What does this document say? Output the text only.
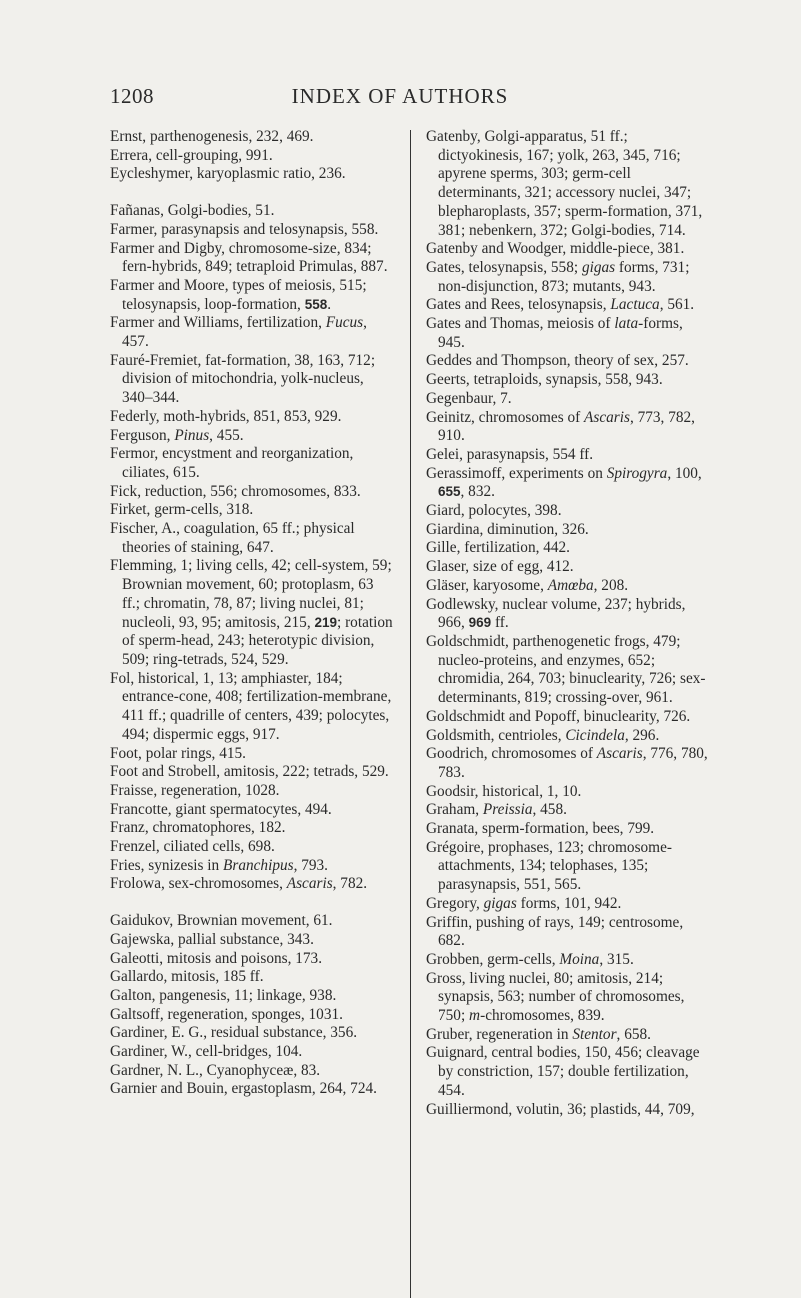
1208	INDEX OF AUTHORS
Ernst, parthenogenesis, 232, 469.
Errera, cell-grouping, 991.
Eycleshymer, karyoplasmic ratio, 236.
Fañanas, Golgi-bodies, 51.
Farmer, parasynapsis and telosynapsis, 558.
Farmer and Digby, chromosome-size, 834; fern-hybrids, 849; tetraploid Primulas, 887.
Farmer and Moore, types of meiosis, 515; telosynapsis, loop-formation, 558.
Farmer and Williams, fertilization, Fucus, 457.
Fauré-Fremiet, fat-formation, 38, 163, 712; division of mitochondria, yolk-nucleus, 340–344.
Federly, moth-hybrids, 851, 853, 929.
Ferguson, Pinus, 455.
Fermor, encystment and reorganization, ciliates, 615.
Fick, reduction, 556; chromosomes, 833.
Firket, germ-cells, 318.
Fischer, A., coagulation, 65 ff.; physical theories of staining, 647.
Flemming, 1; living cells, 42; cell-system, 59; Brownian movement, 60; protoplasm, 63 ff.; chromatin, 78, 87; living nuclei, 81; nucleoli, 93, 95; amitosis, 215, 219; rotation of sperm-head, 243; heterotypic division, 509; ring-tetrads, 524, 529.
Fol, historical, 1, 13; amphiaster, 184; entrance-cone, 408; fertilization-membrane, 411 ff.; quadrille of centers, 439; polocytes, 494; dispermic eggs, 917.
Foot, polar rings, 415.
Foot and Strobell, amitosis, 222; tetrads, 529.
Fraisse, regeneration, 1028.
Francotte, giant spermatocytes, 494.
Franz, chromatophores, 182.
Frenzel, ciliated cells, 698.
Fries, synizesis in Branchipus, 793.
Frolowa, sex-chromosomes, Ascaris, 782.
Gaidukov, Brownian movement, 61.
Gajewska, pallial substance, 343.
Galeotti, mitosis and poisons, 173.
Gallardo, mitosis, 185 ff.
Galton, pangenesis, 11; linkage, 938.
Galtsoff, regeneration, sponges, 1031.
Gardiner, E. G., residual substance, 356.
Gardiner, W., cell-bridges, 104.
Gardner, N. L., Cyanophyceæ, 83.
Garnier and Bouin, ergastoplasm, 264, 724.
Gatenby, Golgi-apparatus, 51 ff.; dictyokinesis, 167; yolk, 263, 345, 716; apyrene sperms, 303; germ-cell determinants, 321; accessory nuclei, 347; blepharoplasts, 357; sperm-formation, 371, 381; nebenkern, 372; Golgi-bodies, 714.
Gatenby and Woodger, middle-piece, 381.
Gates, telosynapsis, 558; gigas forms, 731; non-disjunction, 873; mutants, 943.
Gates and Rees, telosynapsis, Lactuca, 561.
Gates and Thomas, meiosis of lata-forms, 945.
Geddes and Thompson, theory of sex, 257.
Geerts, tetraploids, synapsis, 558, 943.
Gegenbaur, 7.
Geinitz, chromosomes of Ascaris, 773, 782, 910.
Gelei, parasynapsis, 554 ff.
Gerassimoff, experiments on Spirogyra, 100, 655, 832.
Giard, polocytes, 398.
Giardina, diminution, 326.
Gille, fertilization, 442.
Glaser, size of egg, 412.
Gläser, karyosome, Amœba, 208.
Godlewsky, nuclear volume, 237; hybrids, 966, 969 ff.
Goldschmidt, parthenogenetic frogs, 479; nucleo-proteins, and enzymes, 652; chromidia, 264, 703; binuclearity, 726; sex-determinants, 819; crossing-over, 961.
Goldschmidt and Popoff, binuclearity, 726.
Goldsmith, centrioles, Cicindela, 296.
Goodrich, chromosomes of Ascaris, 776, 780, 783.
Goodsir, historical, 1, 10.
Graham, Preissia, 458.
Granata, sperm-formation, bees, 799.
Grégoire, prophases, 123; chromosome-attachments, 134; telophases, 135; parasynapsis, 551, 565.
Gregory, gigas forms, 101, 942.
Griffin, pushing of rays, 149; centrosome, 682.
Grobben, germ-cells, Moina, 315.
Gross, living nuclei, 80; amitosis, 214; synapsis, 563; number of chromosomes, 750; m-chromosomes, 839.
Gruber, regeneration in Stentor, 658.
Guignard, central bodies, 150, 456; cleavage by constriction, 157; double fertilization, 454.
Guilliermond, volutin, 36; plastids, 44, 709,
